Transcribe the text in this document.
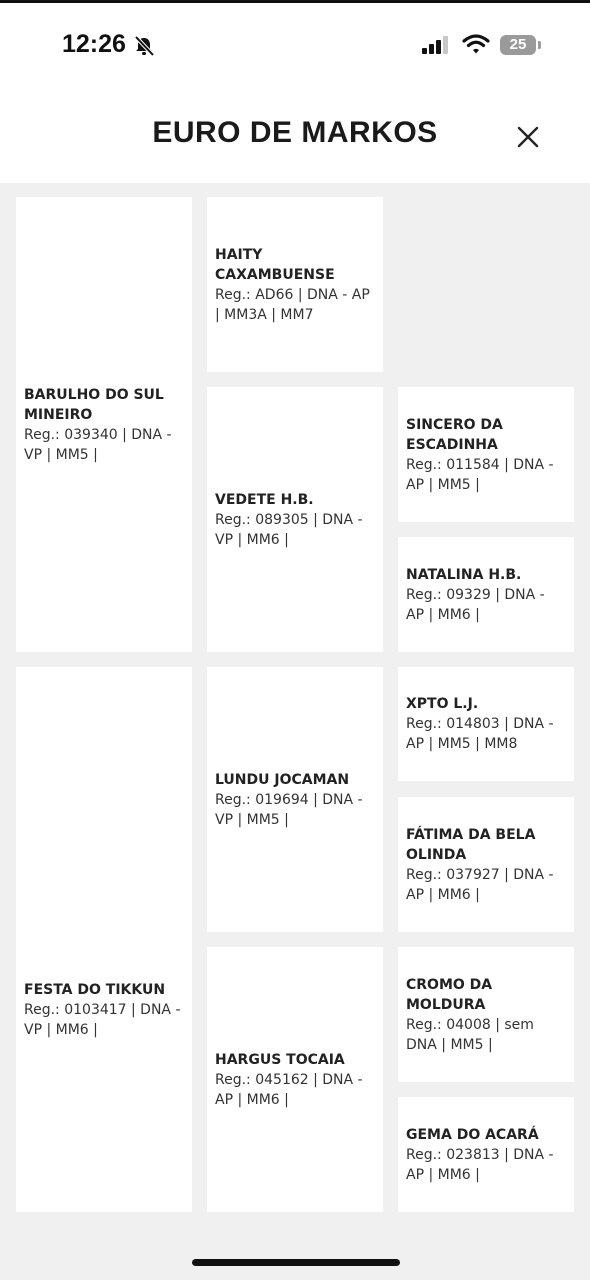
12:26	25
EURO DE MARKOS
BARULHO DO SUL MINEIRO
Reg.: 039340 | DNA - VP | MM5 |
FESTA DO TIKKUN
Reg.: 0103417 | DNA - VP | MM6 |
HAITY CAXAMBUENSE
Reg.: AD66 | DNA - AP | MM3A | MM7
VEDETE H.B.
Reg.: 089305 | DNA - VP | MM6 |
LUNDU JOCAMAN
Reg.: 019694 | DNA - VP | MM5 |
HARGUS TOCAIA
Reg.: 045162 | DNA - AP | MM6 |
SINCERO DA ESCADINHA
Reg.: 011584 | DNA - AP | MM5 |
NATALINA H.B.
Reg.: 09329 | DNA - AP | MM6 |
XPTO L.J.
Reg.: 014803 | DNA - AP | MM5 | MM8
FÁTIMA DA BELA OLINDA
Reg.: 037927 | DNA - AP | MM6 |
CROMO DA MOLDURA
Reg.: 04008 | sem DNA | MM5 |
GEMA DO ACARÁ
Reg.: 023813 | DNA - AP | MM6 |
